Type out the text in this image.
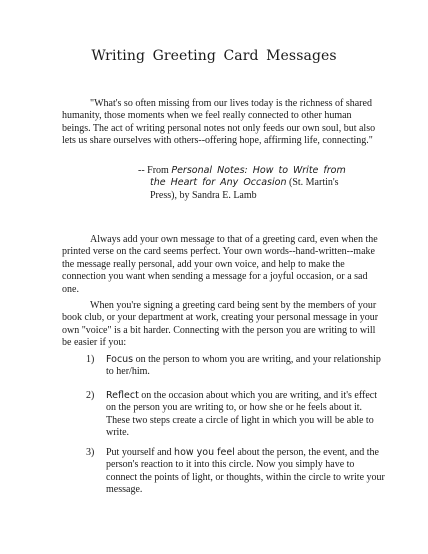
Writing Greeting Card Messages
"What's so often missing from our lives today is the richness of shared humanity, those moments when we feel really connected to other human beings. The act of writing personal notes not only feeds our own soul, but also lets us share ourselves with others--offering hope, affirming life, connecting."
-- From Personal Notes: How to Write from
the Heart for Any Occasion (St. Martin's
Press), by Sandra E. Lamb
Always add your own message to that of a greeting card, even when the printed verse on the card seems perfect. Your own words--hand-written--make the message really personal, add your own voice, and help to make the connection you want when sending a message for a joyful occasion, or a sad one.
When you're signing a greeting card being sent by the members of your book club, or your department at work, creating your personal message in your own "voice" is a bit harder. Connecting with the person you are writing to will be easier if you:
1)	Focus on the person to whom you are writing, and your relationship to her/him.
2)	Reflect on the occasion about which you are writing, and it's effect on the person you are writing to, or how she or he feels about it. These two steps create a circle of light in which you will be able to write.
3)	Put yourself and how you feel about the person, the event, and the person's reaction to it into this circle. Now you simply have to connect the points of light, or thoughts, within the circle to write your message.
